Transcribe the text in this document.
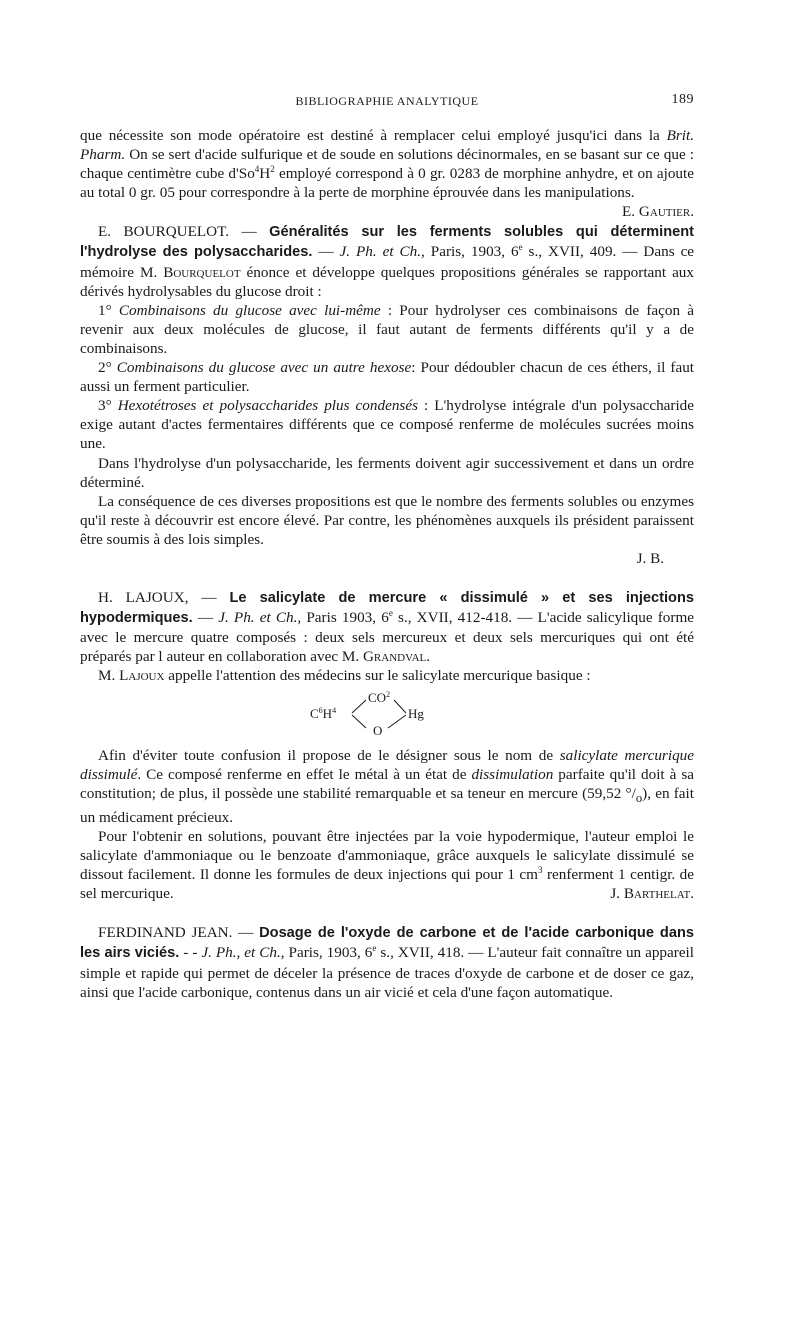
BIBLIOGRAPHIE ANALYTIQUE	189

que nécessite son mode opératoire est destiné à remplacer celui employé jusqu'ici dans la Brit. Pharm. On se sert d'acide sulfurique et de soude en solutions décinormales, en se basant sur ce que : chaque centimètre cube $d'So^4H^2$ employé correspond à 0 gr. 0283 de morphine anhydre, et on ajoute au total 0 gr. 05 pour correspondre à la perte de morphine éprouvée dans les manipulations.
E. Gautier.

E. BOURQUELOT. — Généralités sur les ferments solubles qui déterminent l'hydrolyse des polysaccharides. — J. Ph. et Ch., Paris, 1903, 6e s., XVII, 409. — Dans ce mémoire M. Bourquelot énonce et développe quelques propositions générales se rapportant aux dérivés hydrolysables du glucose droit :

1° Combinaisons du glucose avec lui-même : Pour hydrolyser ces combinaisons de façon à revenir aux deux molécules de glucose, il faut autant de ferments différents qu'il y a de combinaisons.

2° Combinaisons du glucose avec un autre hexose: Pour dédoubler chacun de ces éthers, il faut aussi un ferment particulier.

3° Hexotétroses et polysaccharides plus condensés : L'hydrolyse intégrale d'un polysaccharide exige autant d'actes fermentaires différents que ce composé renferme de molécules sucrées moins une.

Dans l'hydrolyse d'un polysaccharide, les ferments doivent agir successivement et dans un ordre déterminé.

La conséquence de ces diverses propositions est que le nombre des ferments solubles ou enzymes qu'il reste à découvrir est encore élevé. Par contre, les phénomènes auxquels ils président paraissent être soumis à des lois simples.

J. B.

H. LAJOUX, — Le salicylate de mercure « dissimulé » et ses injections hypodermiques. — J. Ph. et Ch., Paris 1903, 6e s., XVII, 412-418. — L'acide salicylique forme avec le mercure quatre composés : deux sels mercureux et deux sels mercuriques qui ont été préparés par l auteur en collaboration avec M. Grandval.

M. Lajoux appelle l'attention des médecins sur le salicylate mercurique basique :

$C^6H^4$
$CO^2$
O
Hg

Afin d'éviter toute confusion il propose de le désigner sous le nom de salicylate mercurique dissimulé. Ce composé renferme en effet le métal à un état de dissimulation parfaite qu'il doit à sa constitution; de plus, il possède une stabilité remarquable et sa teneur en mercure (59,52 $^\circ/_o$), en fait un médicament précieux.

Pour l'obtenir en solutions, pouvant être injectées par la voie hypodermique, l'auteur emploi le salicylate d'ammoniaque ou le benzoate d'ammoniaque, grâce auxquels le salicylate dissimulé se dissout facilement. Il donne les formules de deux injections qui pour 1 $cm^3$ renferment 1 centigr. de sel mercurique.	J. Barthelat.

FERDINAND JEAN. — Dosage de l'oxyde de carbone et de l'acide carbonique dans les airs viciés. - - J. Ph., et Ch., Paris, 1903, 6e s., XVII, 418. — L'auteur fait connaître un appareil simple et rapide qui permet de déceler la présence de traces d'oxyde de carbone et de doser ce gaz, ainsi que l'acide carbonique, contenus dans un air vicié et cela d'une façon automatique.
